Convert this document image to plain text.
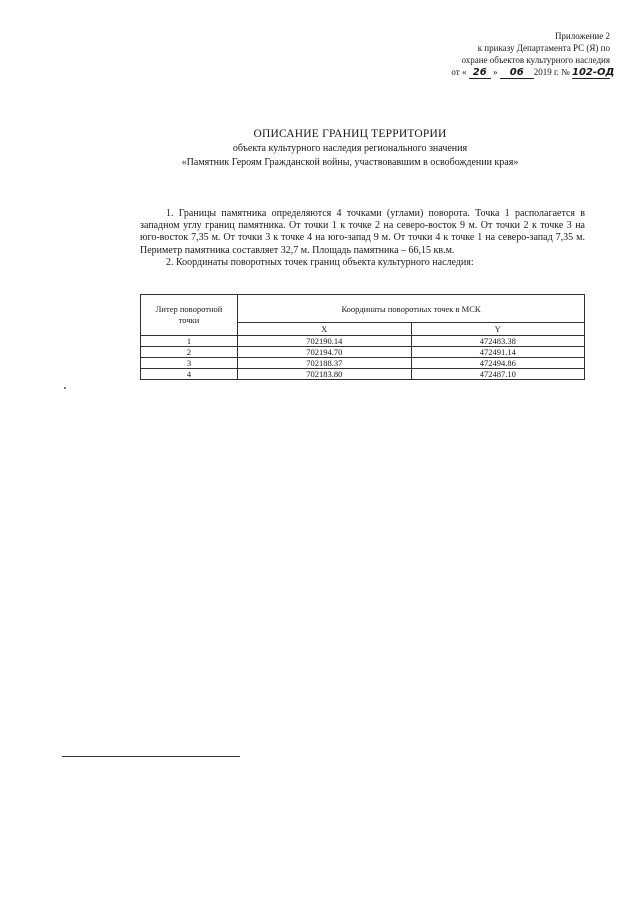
Приложение 2
к приказу Департамента РС (Я) по
охране объектов культурного наследия
от « 26 » 06 2019 г. № 102-ОД
ОПИСАНИЕ ГРАНИЦ ТЕРРИТОРИИ
объекта культурного наследия регионального значения
«Памятник Героям Гражданской войны, участвовавшим в освобождении края»

1. Границы памятника определяются 4 точками (углами) поворота. Точка 1 располагается в западном углу границ памятника. От точки 1 к точке 2 на северо-восток 9 м. От точки 2 к точке 3 на юго-восток 7,35 м. От точки 3 к точке 4 на юго-запад 9 м. От точки 4 к точке 1 на северо-запад 7,35 м. Периметр памятника составляет 32,7 м. Площадь памятника – 66,15 кв.м.

2. Координаты поворотных точек границ объекта культурного наследия:

Литер поворотной точки	Координаты поворотных точек в МСК	
	X	Y
1	702190.14	472483.38
2	702194.70	472491.14
3	702188.37	472494.86
4	702183.80	472487.10
